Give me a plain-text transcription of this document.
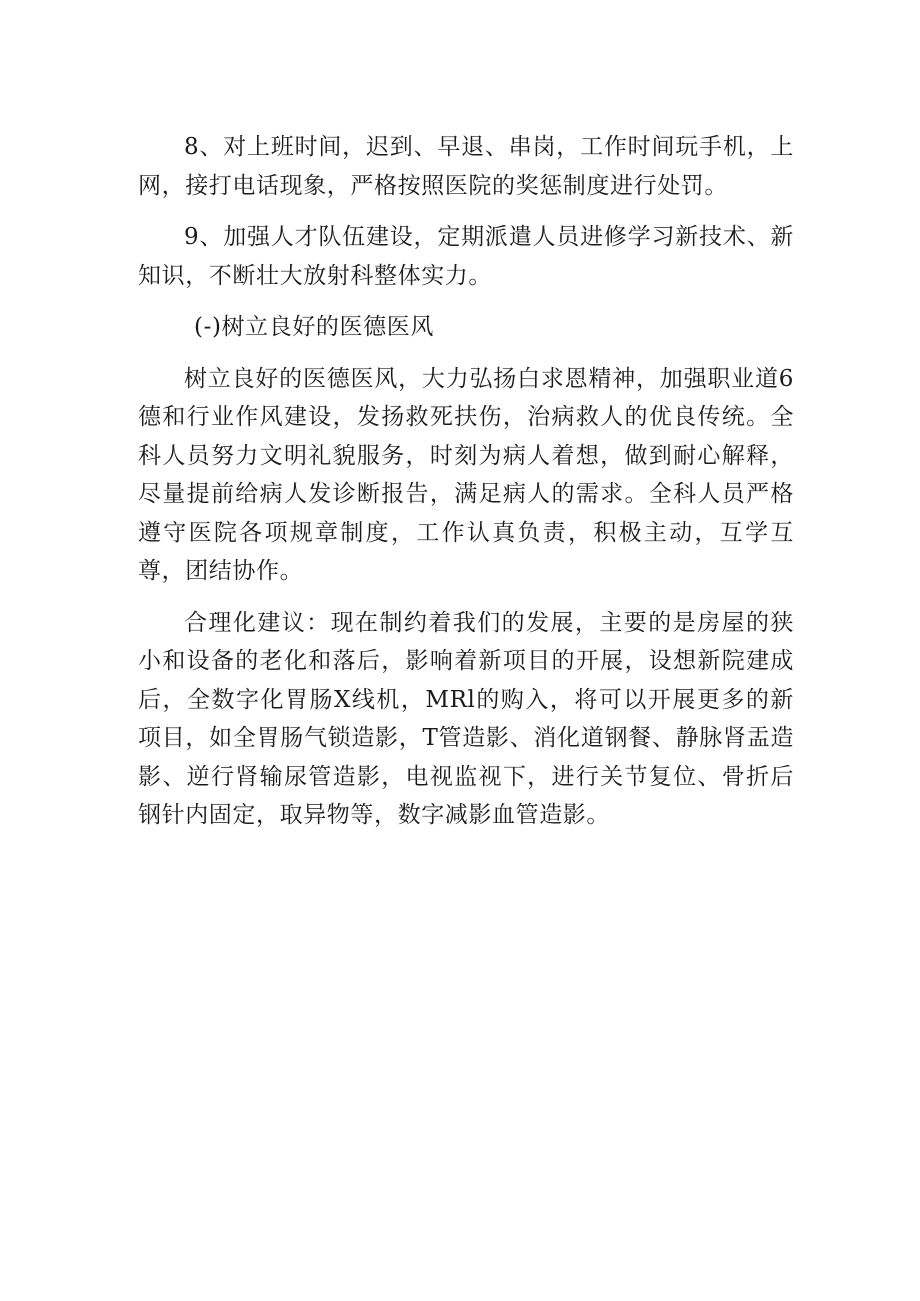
8、对上班时间，迟到、早退、串岗，工作时间玩手机，上网，接打电话现象，严格按照医院的奖惩制度进行处罚。

9、加强人才队伍建设，定期派遣人员进修学习新技术、新知识，不断壮大放射科整体实力。

(-)树立良好的医德医风

树立良好的医德医风，大力弘扬白求恩精神，加强职业道6德和行业作风建设，发扬救死扶伤，治病救人的优良传统。全科人员努力文明礼貌服务，时刻为病人着想，做到耐心解释，尽量提前给病人发诊断报告，满足病人的需求。全科人员严格遵守医院各项规章制度，工作认真负责，积极主动，互学互尊，团结协作。

合理化建议：现在制约着我们的发展，主要的是房屋的狭小和设备的老化和落后，影响着新项目的开展，设想新院建成后，全数字化胃肠X线机，MRl的购入，将可以开展更多的新项目，如全胃肠气锁造影，T管造影、消化道钢餐、静脉肾盂造影、逆行肾输尿管造影，电视监视下，进行关节复位、骨折后钢针内固定，取异物等，数字减影血管造影。
